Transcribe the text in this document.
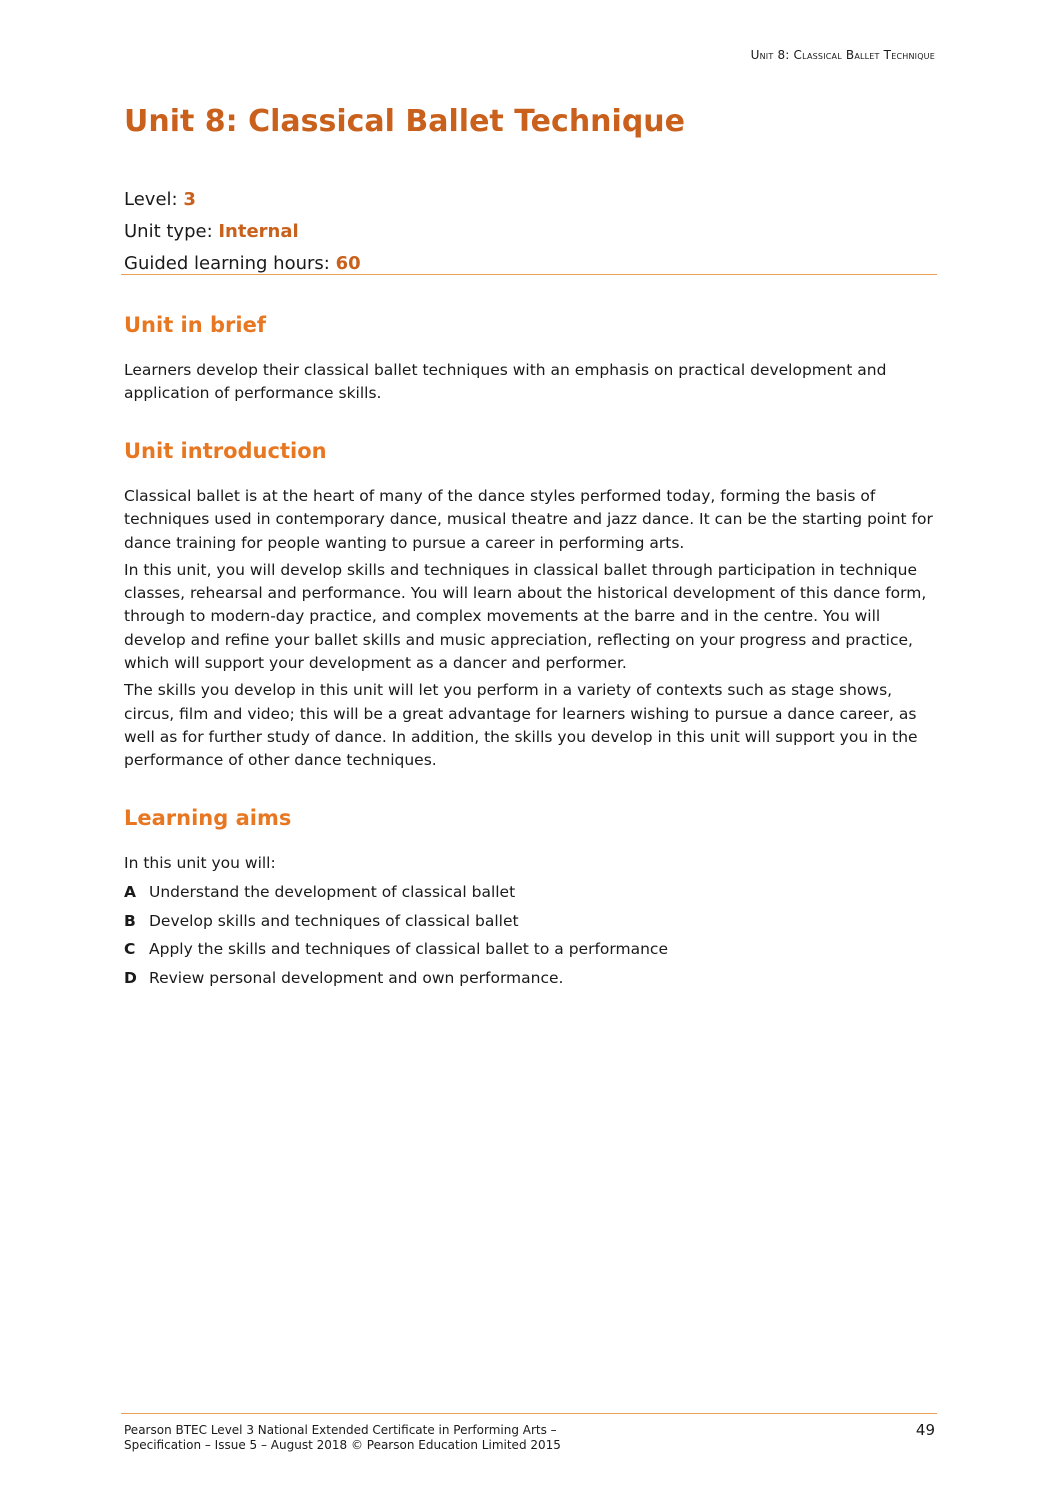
Unit 8: Classical Ballet Technique
Unit 8: Classical Ballet Technique
Level: 3
Unit type: Internal
Guided learning hours: 60
Unit in brief

Learners develop their classical ballet techniques with an emphasis on practical development and application of performance skills.

Unit introduction

Classical ballet is at the heart of many of the dance styles performed today, forming the basis of techniques used in contemporary dance, musical theatre and jazz dance. It can be the starting point for dance training for people wanting to pursue a career in performing arts.

In this unit, you will develop skills and techniques in classical ballet through participation in technique classes, rehearsal and performance. You will learn about the historical development of this dance form, through to modern-day practice, and complex movements at the barre and in the centre. You will develop and refine your ballet skills and music appreciation, reflecting on your progress and practice, which will support your development as a dancer and performer.

The skills you develop in this unit will let you perform in a variety of contexts such as stage shows, circus, film and video; this will be a great advantage for learners wishing to pursue a dance career, as well as for further study of dance. In addition, the skills you develop in this unit will support you in the performance of other dance techniques.

Learning aims

In this unit you will:

A Understand the development of classical ballet
B Develop skills and techniques of classical ballet
C Apply the skills and techniques of classical ballet to a performance
D Review personal development and own performance.
Pearson BTEC Level 3 National Extended Certificate in Performing Arts –
Specification – Issue 5 – August 2018 © Pearson Education Limited 2015
49
